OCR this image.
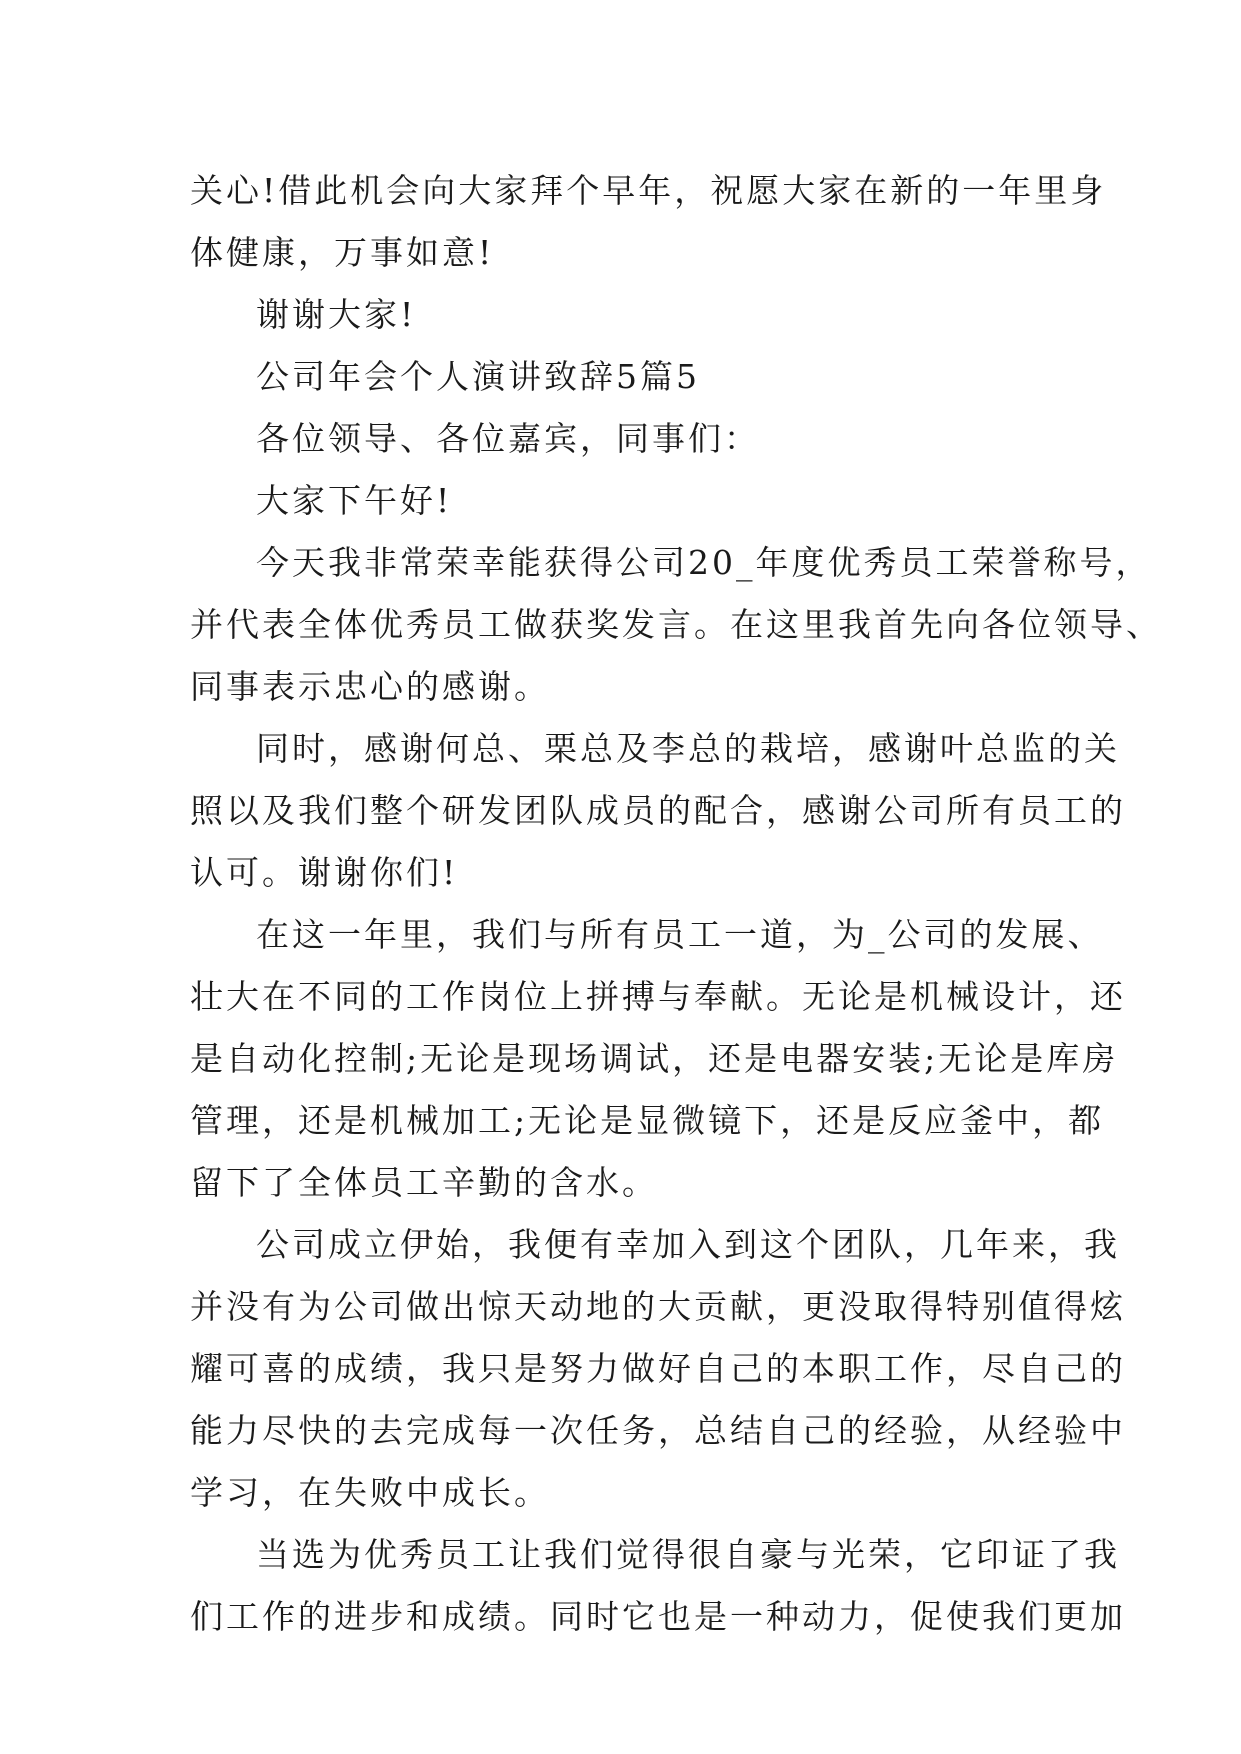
关心!借此机会向大家拜个早年，祝愿大家在新的一年里身
体健康，万事如意!
谢谢大家!
公司年会个人演讲致辞5篇5
各位领导、各位嘉宾，同事们：
大家下午好!
今天我非常荣幸能获得公司20_年度优秀员工荣誉称号，
并代表全体优秀员工做获奖发言。在这里我首先向各位领导、
同事表示忠心的感谢。
同时，感谢何总、栗总及李总的栽培，感谢叶总监的关
照以及我们整个研发团队成员的配合，感谢公司所有员工的
认可。谢谢你们!
在这一年里，我们与所有员工一道，为_公司的发展、
壮大在不同的工作岗位上拼搏与奉献。无论是机械设计，还
是自动化控制;无论是现场调试，还是电器安装;无论是库房
管理，还是机械加工;无论是显微镜下，还是反应釜中，都
留下了全体员工辛勤的含水。
公司成立伊始，我便有幸加入到这个团队，几年来，我
并没有为公司做出惊天动地的大贡献，更没取得特别值得炫
耀可喜的成绩，我只是努力做好自己的本职工作，尽自己的
能力尽快的去完成每一次任务，总结自己的经验，从经验中
学习，在失败中成长。
当选为优秀员工让我们觉得很自豪与光荣，它印证了我
们工作的进步和成绩。同时它也是一种动力，促使我们更加
